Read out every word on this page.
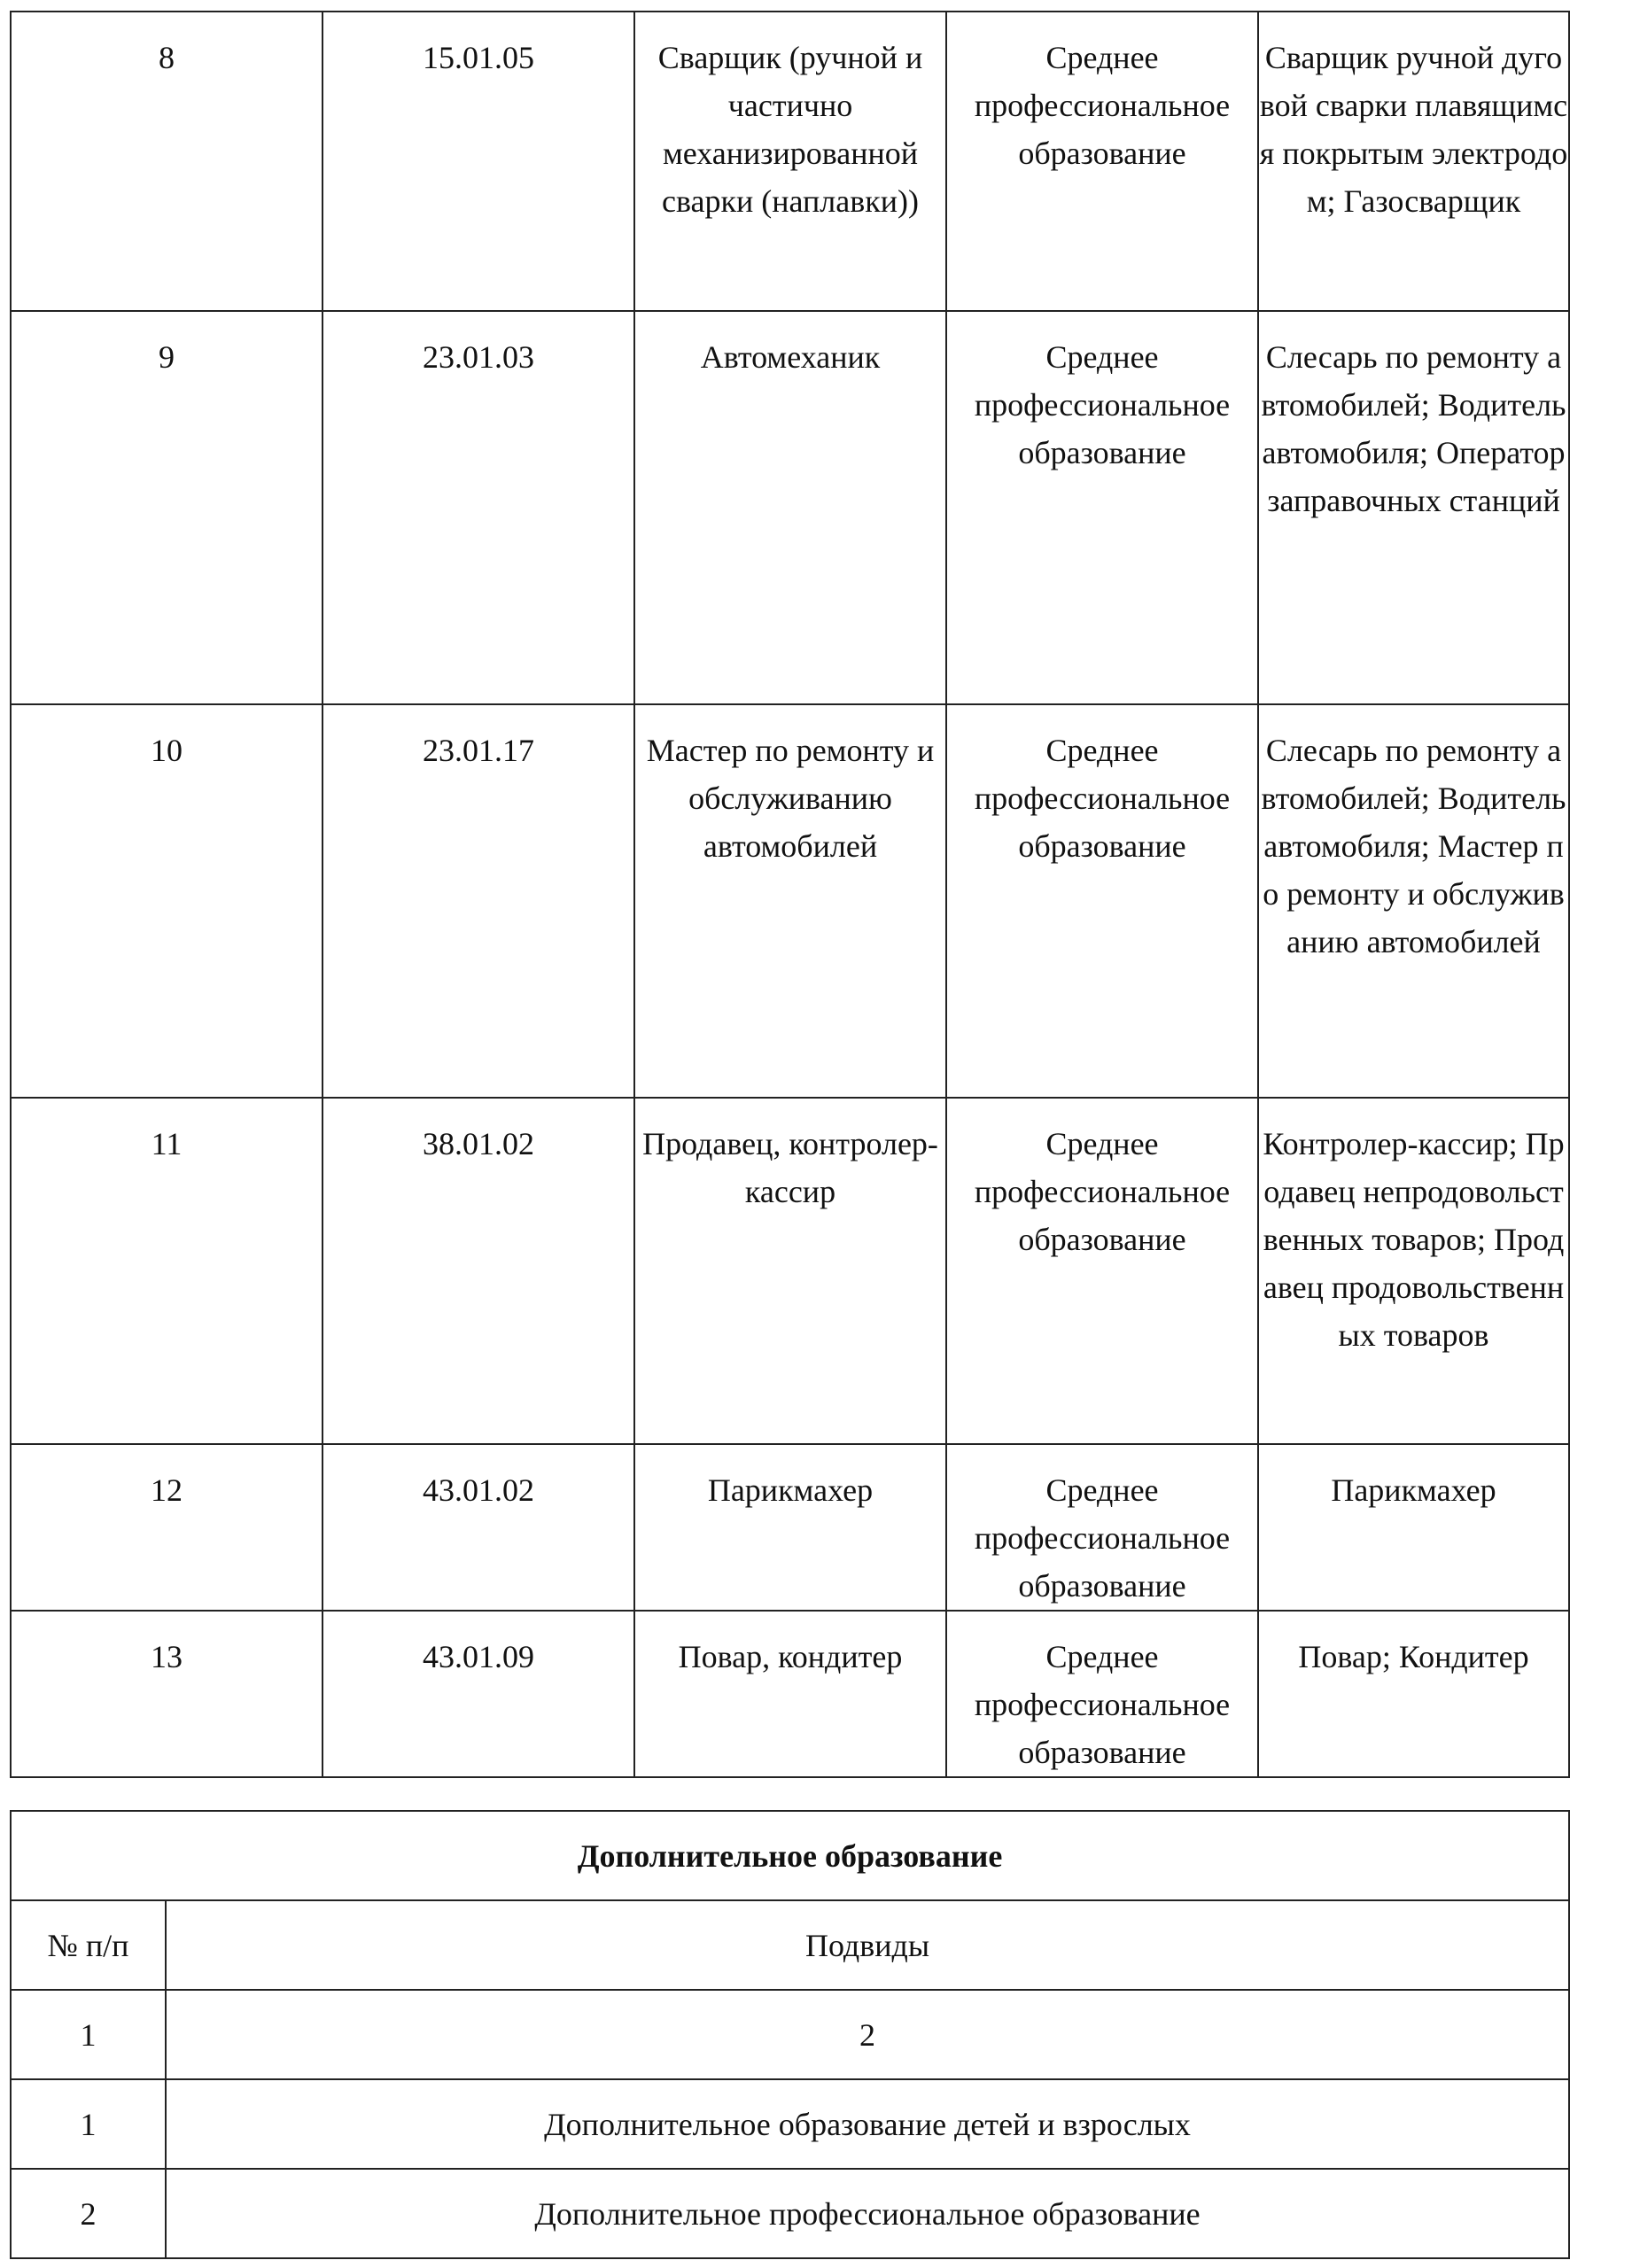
8	15.01.05	Сварщик (ручной и частично механизированной сварки (наплавки))	Среднее профессиональное образование	Сварщик ручной дуговой сварки плавящимся покрытым электродом; Газосварщик

9	23.01.03	Автомеханик	Среднее профессиональное образование	Слесарь по ремонту автомобилей; Водитель автомобиля; Оператор заправочных станций

10	23.01.17	Мастер по ремонту и обслуживанию автомобилей	Среднее профессиональное образование	Слесарь по ремонту автомобилей; Водитель автомобиля; Мастер по ремонту и обслуживанию автомобилей

11	38.01.02	Продавец, контролер-кассир	Среднее профессиональное образование	Контролер-кассир; Продавец непродовольственных товаров; Продавец продовольственных товаров

12	43.01.02	Парикмахер	Среднее профессиональное образование	Парикмахер

13	43.01.09	Повар, кондитер	Среднее профессиональное образование	Повар; Кондитер
Дополнительное образование	

№ п/п	Подвиды

1	2

1	Дополнительное образование детей и взрослых

2	Дополнительное профессиональное образование
